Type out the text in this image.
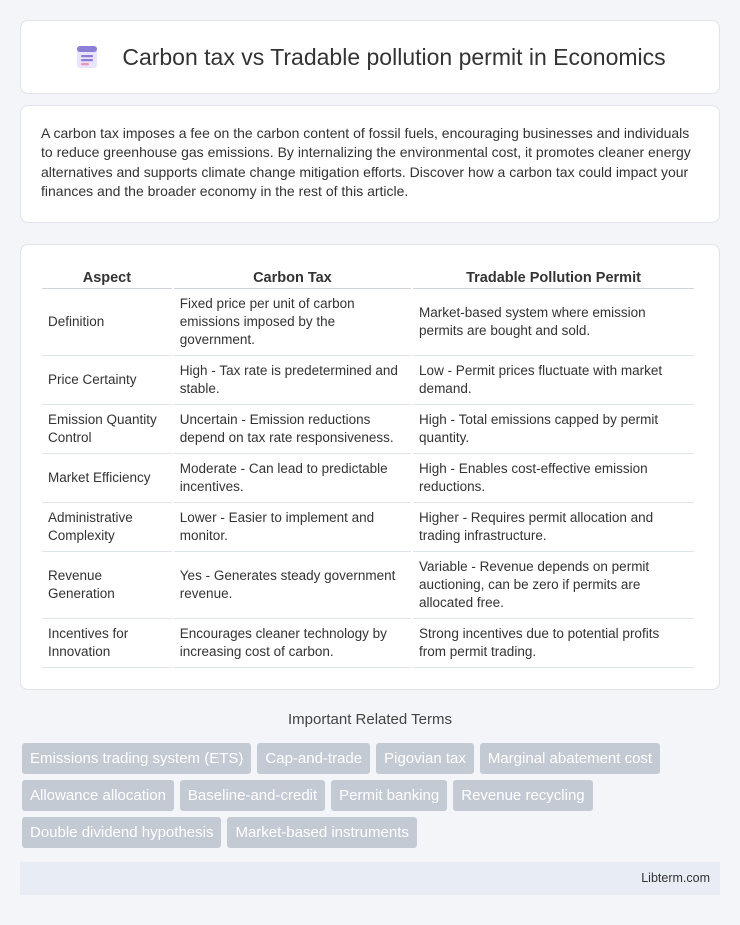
Carbon tax vs Tradable pollution permit in Economics

A carbon tax imposes a fee on the carbon content of fossil fuels, encouraging businesses and individuals to reduce greenhouse gas emissions. By internalizing the environmental cost, it promotes cleaner energy alternatives and supports climate change mitigation efforts. Discover how a carbon tax could impact your finances and the broader economy in the rest of this article.

Aspect	Carbon Tax	Tradable Pollution Permit
Definition	Fixed price per unit of carbon emissions imposed by the government.	Market-based system where emission permits are bought and sold.
Price Certainty	High - Tax rate is predetermined and stable.	Low - Permit prices fluctuate with market demand.
Emission Quantity Control	Uncertain - Emission reductions depend on tax rate responsiveness.	High - Total emissions capped by permit quantity.
Market Efficiency	Moderate - Can lead to predictable incentives.	High - Enables cost-effective emission reductions.
Administrative Complexity	Lower - Easier to implement and monitor.	Higher - Requires permit allocation and trading infrastructure.
Revenue Generation	Yes - Generates steady government revenue.	Variable - Revenue depends on permit auctioning, can be zero if permits are allocated free.
Incentives for Innovation	Encourages cleaner technology by increasing cost of carbon.	Strong incentives due to potential profits from permit trading.
Important Related Terms
Emissions trading system (ETS)	Cap-and-trade	Pigovian tax	Marginal abatement cost
Allowance allocation	Baseline-and-credit	Permit banking	Revenue recycling
Double dividend hypothesis	Market-based instruments
Libterm.com
